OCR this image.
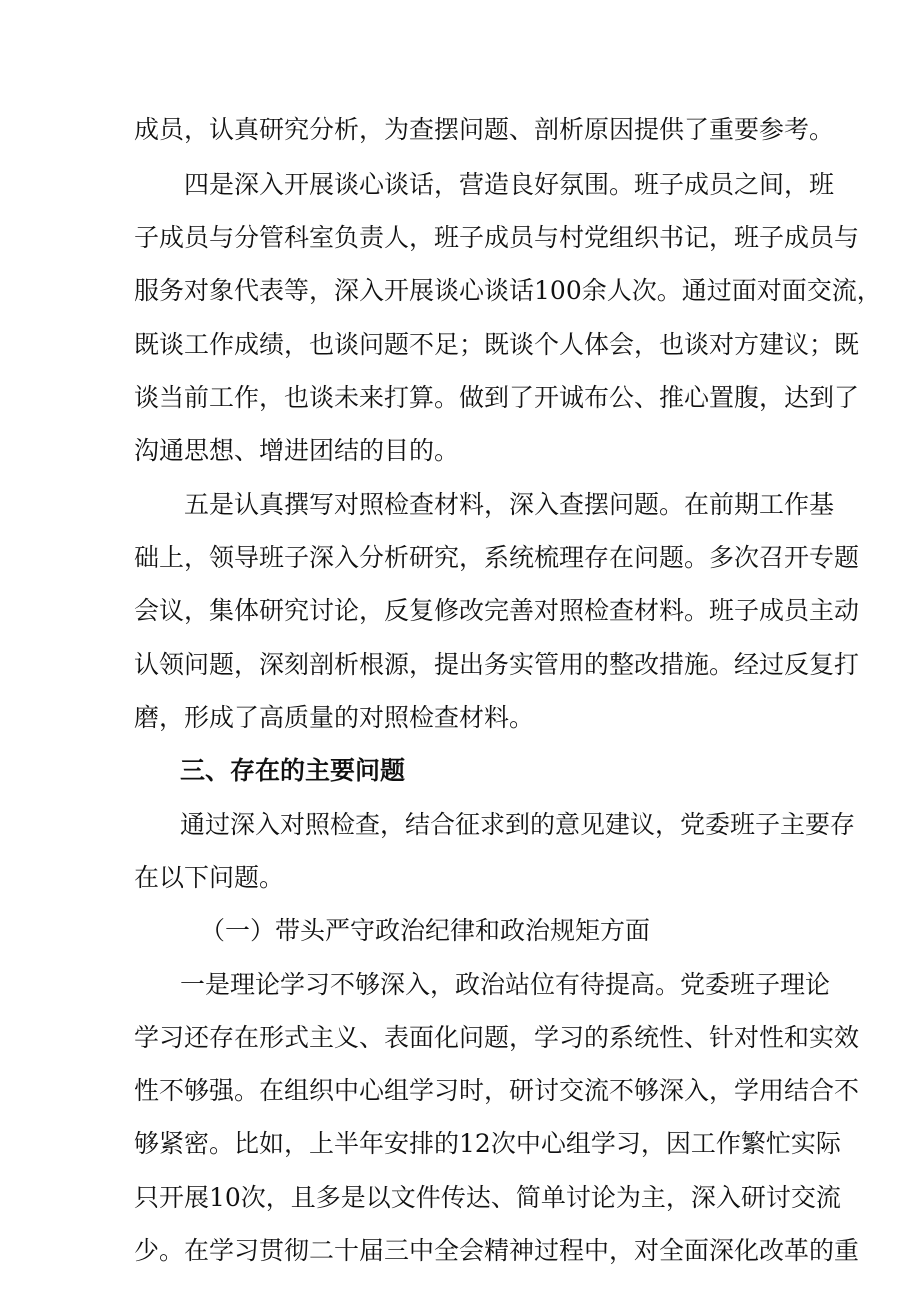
成员，认真研究分析，为查摆问题、剖析原因提供了重要参考。
四是深入开展谈心谈话，营造良好氛围。班子成员之间，班
子成员与分管科室负责人，班子成员与村党组织书记，班子成员与
服务对象代表等，深入开展谈心谈话100余人次。通过面对面交流，
既谈工作成绩，也谈问题不足；既谈个人体会，也谈对方建议；既
谈当前工作，也谈未来打算。做到了开诚布公、推心置腹，达到了
沟通思想、增进团结的目的。
五是认真撰写对照检查材料，深入查摆问题。在前期工作基
础上，领导班子深入分析研究，系统梳理存在问题。多次召开专题
会议，集体研究讨论，反复修改完善对照检查材料。班子成员主动
认领问题，深刻剖析根源，提出务实管用的整改措施。经过反复打
磨，形成了高质量的对照检查材料。
三、存在的主要问题
通过深入对照检查，结合征求到的意见建议，党委班子主要存
在以下问题。
（一）带头严守政治纪律和政治规矩方面
一是理论学习不够深入，政治站位有待提高。党委班子理论
学习还存在形式主义、表面化问题，学习的系统性、针对性和实效
性不够强。在组织中心组学习时，研讨交流不够深入，学用结合不
够紧密。比如，上半年安排的12次中心组学习，因工作繁忙实际
只开展10次，且多是以文件传达、简单讨论为主，深入研讨交流
少。在学习贯彻二十届三中全会精神过程中，对全面深化改革的重
